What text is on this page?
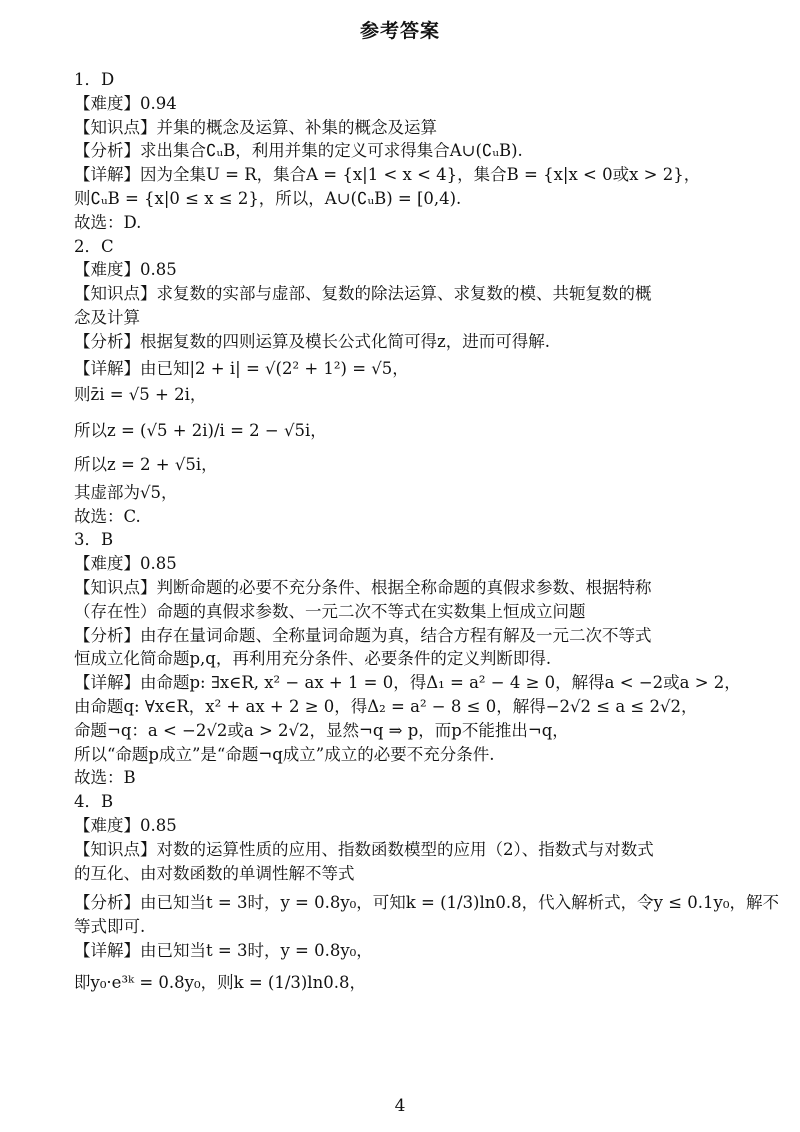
参考答案
1．D
【难度】0.94
【知识点】并集的概念及运算、补集的概念及运算
【分析】求出集合∁ᵤB，利用并集的定义可求得集合A∪(∁ᵤB).
【详解】因为全集U = R，集合A = {x|1 < x < 4}，集合B = {x|x < 0或x > 2}，
则∁ᵤB = {x|0 ≤ x ≤ 2}，所以，A∪(∁ᵤB) = [0,4).
故选：D.
2．C
【难度】0.85
【知识点】求复数的实部与虚部、复数的除法运算、求复数的模、共轭复数的概
念及计算
【分析】根据复数的四则运算及模长公式化简可得z，进而可得解.
【详解】由已知|2 + i| = √(2² + 1²) = √5，
则z̄i = √5 + 2i，
所以z = (√5 + 2i)/i = 2 − √5i，
所以z = 2 + √5i，
其虚部为√5，
故选：C.
3．B
【难度】0.85
【知识点】判断命题的必要不充分条件、根据全称命题的真假求参数、根据特称
（存在性）命题的真假求参数、一元二次不等式在实数集上恒成立问题
【分析】由存在量词命题、全称量词命题为真，结合方程有解及一元二次不等式
恒成立化简命题p,q，再利用充分条件、必要条件的定义判断即得.
【详解】由命题p: ∃x∈R, x² − ax + 1 = 0，得Δ₁ = a² − 4 ≥ 0，解得a < −2或a > 2，
由命题q: ∀x∈R，x² + ax + 2 ≥ 0，得Δ₂ = a² − 8 ≤ 0，解得−2√2 ≤ a ≤ 2√2，
命题¬q：a < −2√2或a > 2√2，显然¬q ⇒ p，而p不能推出¬q，
所以“命题p成立”是“命题¬q成立”成立的必要不充分条件.
故选：B
4．B
【难度】0.85
【知识点】对数的运算性质的应用、指数函数模型的应用（2）、指数式与对数式
的互化、由对数函数的单调性解不等式
【分析】由已知当t = 3时，y = 0.8y₀，可知k = (1/3)ln0.8，代入解析式，令y ≤ 0.1y₀，解不
等式即可.
【详解】由已知当t = 3时，y = 0.8y₀，
即y₀·e³ᵏ = 0.8y₀，则k = (1/3)ln0.8，
4
